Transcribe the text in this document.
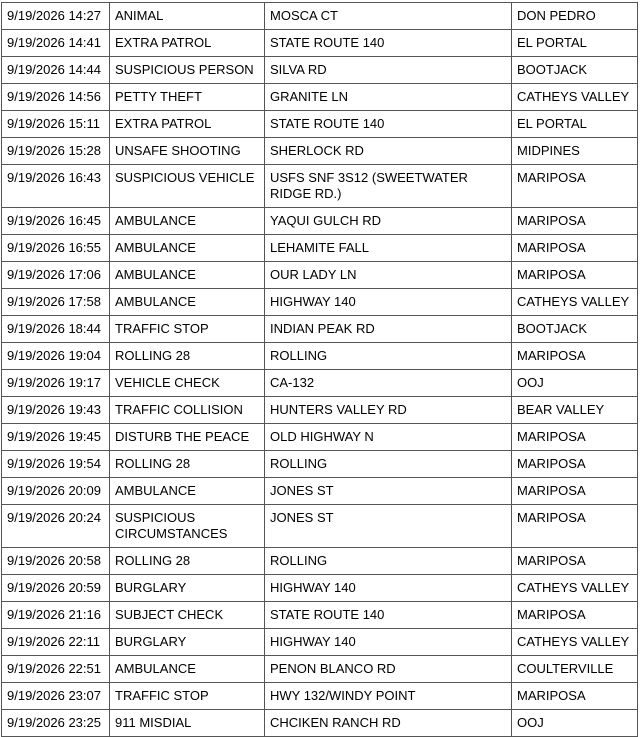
9/19/2026 14:27	ANIMAL	MOSCA CT	DON PEDRO
9/19/2026 14:41	EXTRA PATROL	STATE ROUTE 140	EL PORTAL
9/19/2026 14:44	SUSPICIOUS PERSON	SILVA RD	BOOTJACK
9/19/2026 14:56	PETTY THEFT	GRANITE LN	CATHEYS VALLEY
9/19/2026 15:11	EXTRA PATROL	STATE ROUTE 140	EL PORTAL
9/19/2026 15:28	UNSAFE SHOOTING	SHERLOCK RD	MIDPINES
9/19/2026 16:43	SUSPICIOUS VEHICLE	USFS SNF 3S12 (SWEETWATER RIDGE RD.)	MARIPOSA
9/19/2026 16:45	AMBULANCE	YAQUI GULCH RD	MARIPOSA
9/19/2026 16:55	AMBULANCE	LEHAMITE FALL	MARIPOSA
9/19/2026 17:06	AMBULANCE	OUR LADY LN	MARIPOSA
9/19/2026 17:58	AMBULANCE	HIGHWAY 140	CATHEYS VALLEY
9/19/2026 18:44	TRAFFIC STOP	INDIAN PEAK RD	BOOTJACK
9/19/2026 19:04	ROLLING 28	ROLLING	MARIPOSA
9/19/2026 19:17	VEHICLE CHECK	CA-132	OOJ
9/19/2026 19:43	TRAFFIC COLLISION	HUNTERS VALLEY RD	BEAR VALLEY
9/19/2026 19:45	DISTURB THE PEACE	OLD HIGHWAY N	MARIPOSA
9/19/2026 19:54	ROLLING 28	ROLLING	MARIPOSA
9/19/2026 20:09	AMBULANCE	JONES ST	MARIPOSA
9/19/2026 20:24	SUSPICIOUS CIRCUMSTANCES	JONES ST	MARIPOSA
9/19/2026 20:58	ROLLING 28	ROLLING	MARIPOSA
9/19/2026 20:59	BURGLARY	HIGHWAY 140	CATHEYS VALLEY
9/19/2026 21:16	SUBJECT CHECK	STATE ROUTE 140	MARIPOSA
9/19/2026 22:11	BURGLARY	HIGHWAY 140	CATHEYS VALLEY
9/19/2026 22:51	AMBULANCE	PENON BLANCO RD	COULTERVILLE
9/19/2026 23:07	TRAFFIC STOP	HWY 132/WINDY POINT	MARIPOSA
9/19/2026 23:25	911 MISDIAL	CHCIKEN RANCH RD	OOJ
